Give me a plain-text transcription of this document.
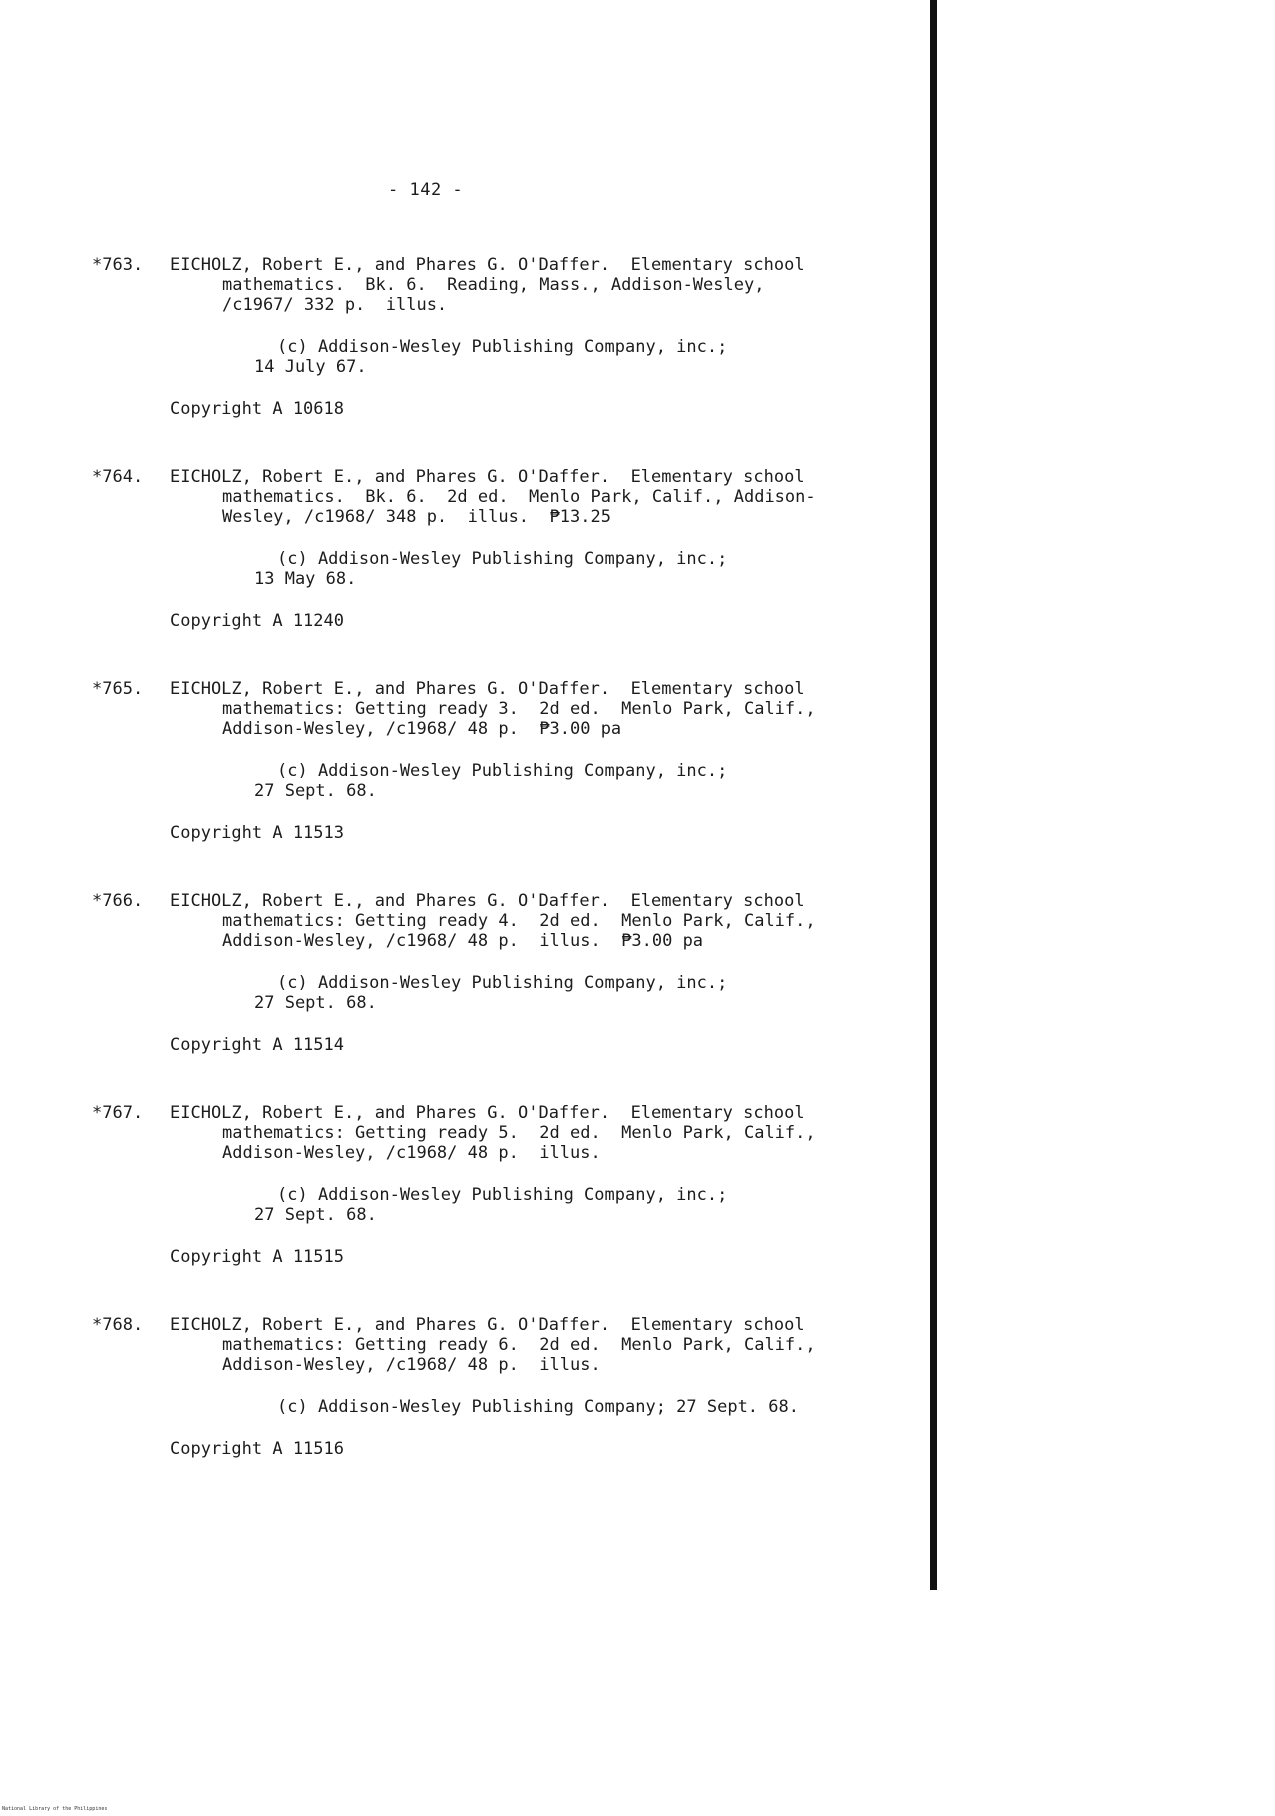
- 142 -
*763. EICHOLZ, Robert E., and Phares G. O'Daffer.  Elementary school
mathematics.  Bk. 6.  Reading, Mass., Addison-Wesley,
/c1967/ 332 p.  illus.
(c) Addison-Wesley Publishing Company, inc.;
14 July 67.
Copyright A 10618
*764. EICHOLZ, Robert E., and Phares G. O'Daffer.  Elementary school
mathematics.  Bk. 6.  2d ed.  Menlo Park, Calif., Addison-
Wesley, /c1968/ 348 p.  illus.  ₱13.25
(c) Addison-Wesley Publishing Company, inc.;
13 May 68.
Copyright A 11240
*765. EICHOLZ, Robert E., and Phares G. O'Daffer.  Elementary school
mathematics: Getting ready 3.  2d ed.  Menlo Park, Calif.,
Addison-Wesley, /c1968/ 48 p.  ₱3.00 pa
(c) Addison-Wesley Publishing Company, inc.;
27 Sept. 68.
Copyright A 11513
*766. EICHOLZ, Robert E., and Phares G. O'Daffer.  Elementary school
mathematics: Getting ready 4.  2d ed.  Menlo Park, Calif.,
Addison-Wesley, /c1968/ 48 p.  illus.  ₱3.00 pa
(c) Addison-Wesley Publishing Company, inc.;
27 Sept. 68.
Copyright A 11514
*767. EICHOLZ, Robert E., and Phares G. O'Daffer.  Elementary school
mathematics: Getting ready 5.  2d ed.  Menlo Park, Calif.,
Addison-Wesley, /c1968/ 48 p.  illus.
(c) Addison-Wesley Publishing Company, inc.;
27 Sept. 68.
Copyright A 11515
*768. EICHOLZ, Robert E., and Phares G. O'Daffer.  Elementary school
mathematics: Getting ready 6.  2d ed.  Menlo Park, Calif.,
Addison-Wesley, /c1968/ 48 p.  illus.
(c) Addison-Wesley Publishing Company; 27 Sept. 68.
Copyright A 11516
National Library of the Philippines
